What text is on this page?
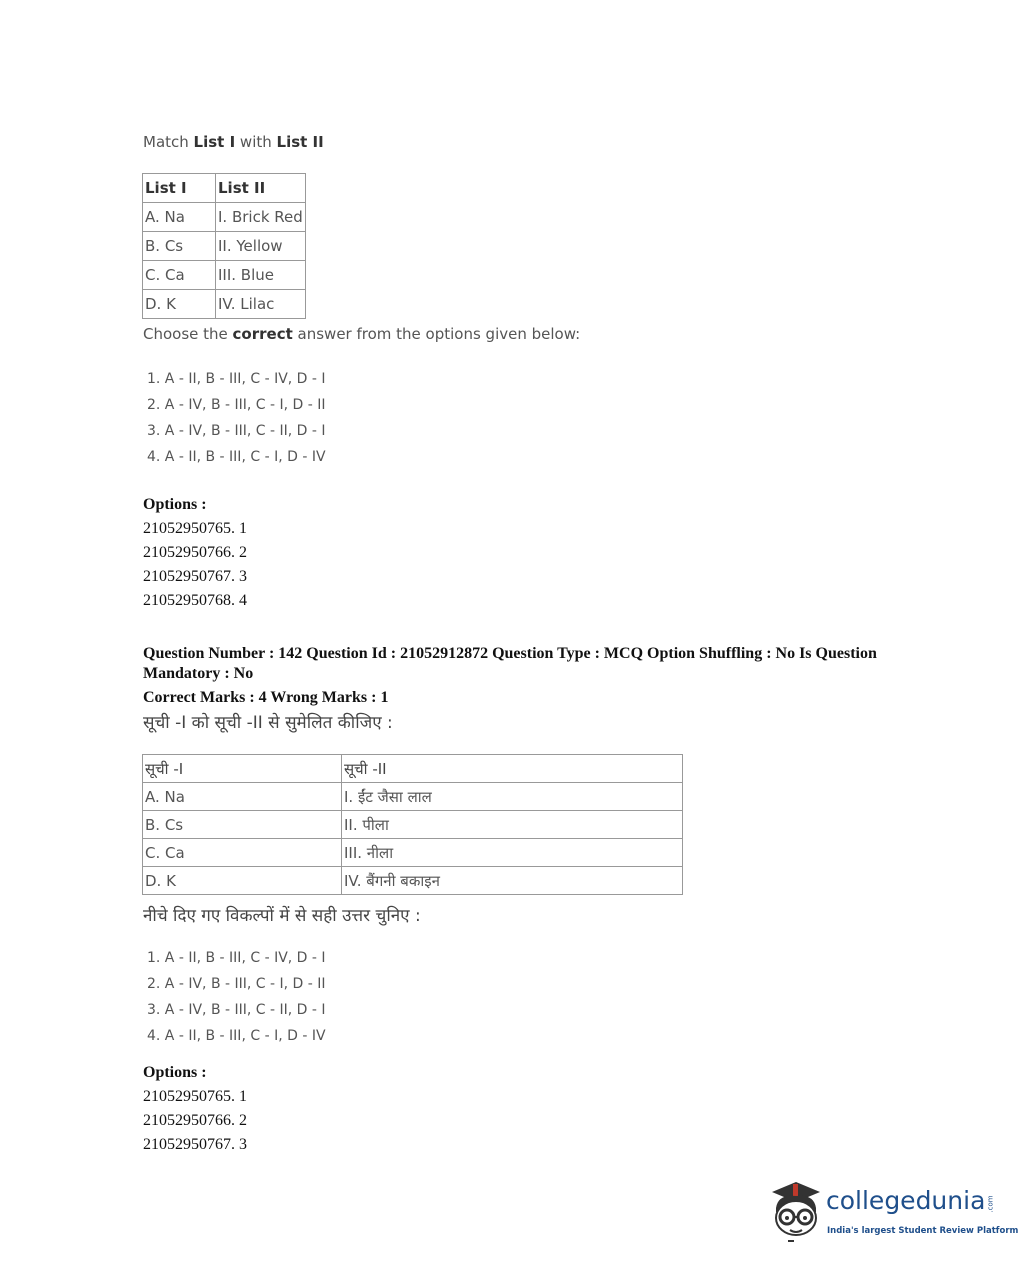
Match List I with List II
List I	List II
A. Na	I. Brick Red
B. Cs	II. Yellow
C. Ca	III. Blue
D. K	IV. Lilac
Choose the correct answer from the options given below:
1. A - II, B - III, C - IV, D - I
2. A - IV, B - III, C - I, D - II
3. A - IV, B - III, C - II, D - I
4. A - II, B - III, C - I, D - IV
Options :
21052950765. 1
21052950766. 2
21052950767. 3
21052950768. 4
Question Number : 142 Question Id : 21052912872 Question Type : MCQ Option Shuffling : No Is Question Mandatory : No
Correct Marks : 4 Wrong Marks : 1
सूची -I को सूची -II से सुमेलित कीजिए :
सूची -I	सूची -II
A. Na	I. ईंट जैसा लाल
B. Cs	II. पीला
C. Ca	III. नीला
D. K	IV. बैंगनी बकाइन
नीचे दिए गए विकल्पों में से सही उत्तर चुनिए :
1. A - II, B - III, C - IV, D - I
2. A - IV, B - III, C - I, D - II
3. A - IV, B - III, C - II, D - I
4. A - II, B - III, C - I, D - IV
Options :
21052950765. 1
21052950766. 2
21052950767. 3
collegedunia .com
India's largest Student Review Platform
